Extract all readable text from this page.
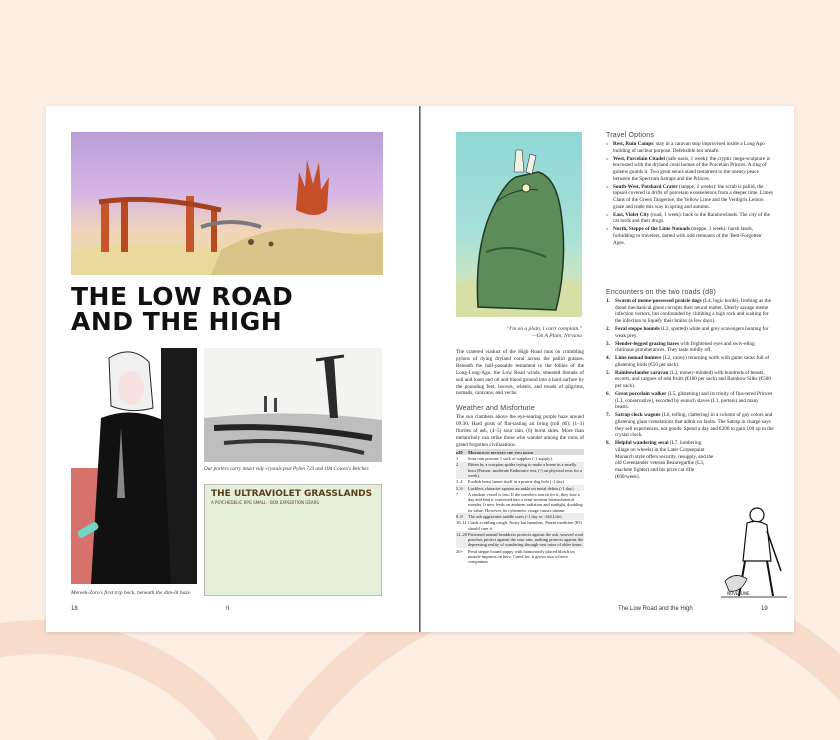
THE LOW ROAD
AND THE HIGH
Mereek-Zoro's first trip back, beneath the dim-lit haze.
Our porters carry intact vidy crystals past Pylon 723 and Old Cowen's Belcher.
THE ULTRAVIOLET GRASSLANDS
A PSYCHEDELIC RPG SMALL · BOX EXPEDITION GEARS
18	II
"I'm on a plain, I can't complain."
—On A Plain, Nirvana
The cratered viaduct of the High Road runs on crumbling pylons of dying dryland coral across the pallid grasses. Beneath the half-passable testament to the follies of the Long-Long-Ago, the Low Road winds, smeared threads of soil and loam and oil and blood ground into a hard surface by the pounding feet, hooves, wheels, and treads of pilgrims, nomads, caravans, and vechs.
Weather and Misfortune
The sun clambers above the eye-searing purple haze around 09:30. Hard gusts of flat-tasting air bring (roll d6): (1–3) flurries of ash, (4–5) sour rain, (6) burnt skies. More than melancholy can strike those who wander among the ruins of grand forgotten civilizations.
d20	Misfortune between the two roads
1	Sour rain poisons 1 sack of supplies (-1 supply).
2	Bitten by a scorpion spider trying to make a home in a smelly boot (Poison: moderate Endurance test, (-) on physical tests for a week).
3–4	Foolish beast lames itself in a prairie dog hole (-1 day).
5–6	Luckless character sprains an ankle on metal debris (-1 day).
7	A random vessel is lost. If the travelers search for it, they lose a day and find it converted into a semi-sentient biomechanical wonder. It now feeds on ambient radiation and sunlight, doubling its value. However, its cybernetic visage causes unease.
8–9	The ash aggravates saddle sores (-1 day or -1d4 Life).
10–11 Catch a rattling cough. Noisy but harmless. Patent medicine (€5) should cure it.
12–20 Patterned nomad headdress protects against the ash, weaved wool ponchos protect against the sour rain, nothing protects against the depressing reality of wandering through vast ruins of elder times.
20+	Feral steppe hound puppy with humorously placed blotch on muzzle imprints on hero. Cared for, it grows into a fierce companion.
Travel Options
» Rest, Ruin Camps: stay in a caravan stop improvised inside a Long Ago building of unclear purpose. Defensible but unsafe.
» West, Porcelain Citadel (safe oasis, 1 week): the cryptic mega-sculpture is encrusted with the dryland coral homes of the Porcelain Princes. A ring of golems guards it. Two great serais stand testament to the uneasy peace between the Spectrum Satraps and the Princes.
» South-West, Potshard Crater (steppe, 2 weeks): the scrub is pallid, the topsoil covered in drifts of porcelain exoskeletons from a deeper time. Limey Clans of the Green Tangerine, the Yellow Lime and the Verdigris Lemon graze and trade this way in spring and autumn.
» East, Violet City (road, 1 week): back to the Rainbowlands. The city of the cat lords and their drugs.
» North, Steppe of the Lime Nomads (steppe, 1 week): harsh lands, forbidding to travelers, dotted with odd remnants of the 'Best-Forgotten' Ages.
Encounters on the two roads (d8)
1. Swarm of meme-possessed prairie dogs (L4, logic horde), frothing as the dread mechanical ghost corrupts their neural matter. Utterly savage meme infection vectors, but confounded by climbing a high rock and waiting for the infection to liquefy their brains (a few days).
2. Feral steppe hounds (L2, spotted) white and grey scavengers hunting for weak prey.
3. Slender-legged grazing hares with frightened eyes and swiv-eling chitinous protuberances. They taste mildly off.
4. Lime nomad hunters (L2, canny) returning north with game sacks full of glistening birds (€50 per sack).
5. Rainbowlander caravan (L3, money-minded) with hundreds of beasts, escorts, and cargoes of odd fruits (€100 per sack) and Rainbow Silks (€500 per sack).
6. Great porcelain walker (L5, glistening) and its trinity of flus-tered Princes (L3, conservative), escorted by eunuch slaves (L1, porters) and many beasts.
7. Satrap clock wagons (L6, tolling, clattering) in a column of gay colors and glistening glass crenelations that admit no faults. The Satrap in charge says they sell experiences, not goods. Spend a day and €200 to gain 100 xp in the crystal clock.
8. Helpful wandering serai (L7, lumbering village on wheels) in the Later Corpsepaint Monarch style offers security, resupply, and the old Greenlander veteran Beauregarthe (L3, machete fighter) and his prize cat rifle (€60/week).
NOVELLINE
The Low Road and the High	19
